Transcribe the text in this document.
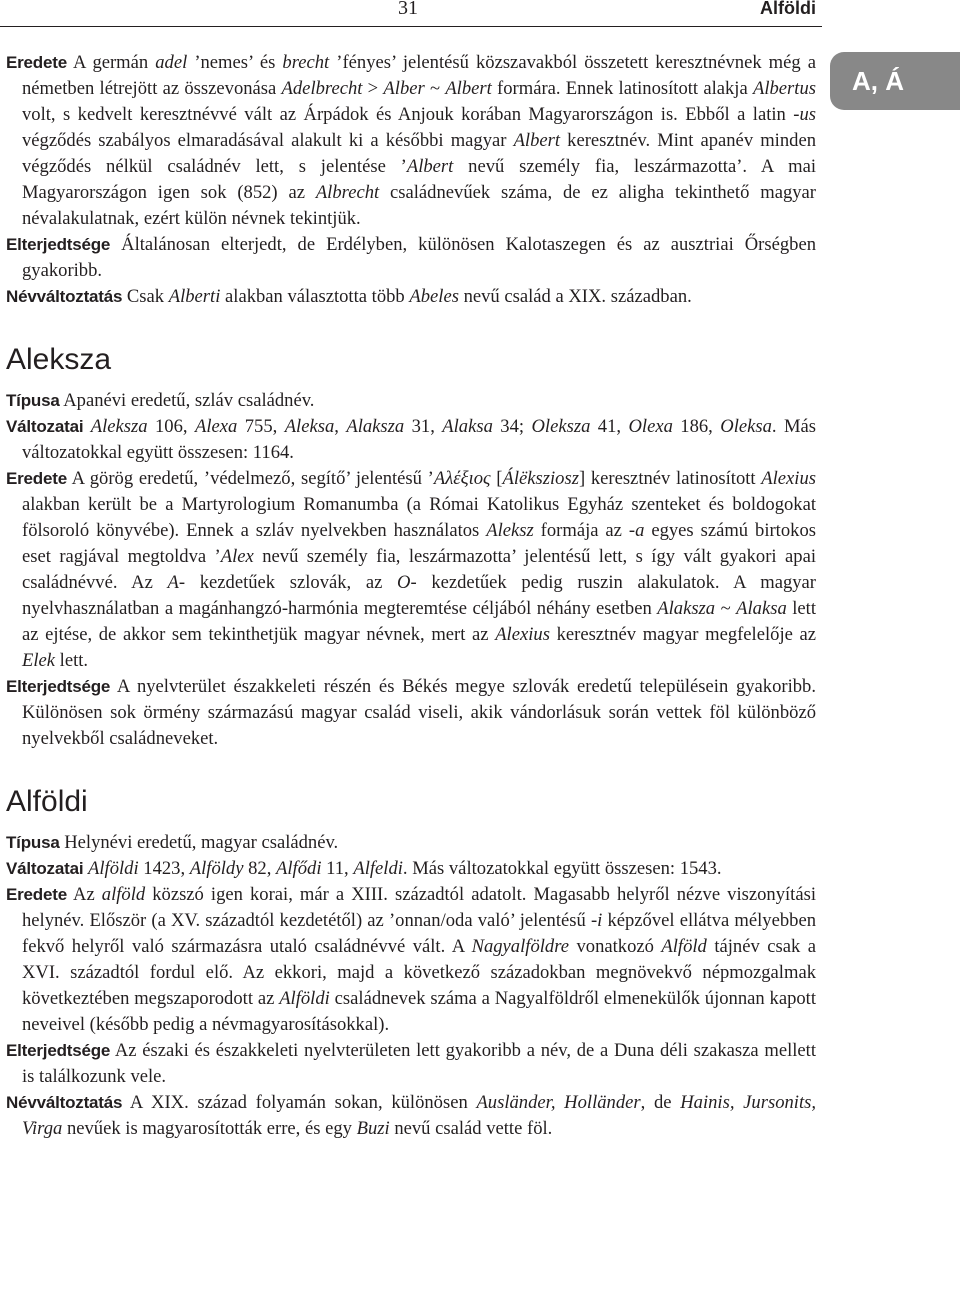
31	Alföldi
A, Á

Eredete A germán adel ’nemes’ és brecht ’fényes’ jelentésű közszavakból összetett keresztnévnek még a németben létrejött az összevonása Adelbrecht > Alber ~ Albert formára. Ennek latinosított alakja Albertus volt, s kedvelt keresztnévvé vált az Árpádok és Anjouk korában Magyarországon is. Ebből a latin -us végződés szabályos elmaradásával alakult ki a későbbi magyar Albert keresztnév. Mint apanév minden végződés nélkül családnév lett, s jelentése ’Albert nevű személy fia, leszármazotta’. A mai Magyarországon igen sok (852) az Albrecht családnevűek száma, de ez aligha tekinthető magyar névalakulatnak, ezért külön névnek tekintjük.

Elterjedtsége Általánosan elterjedt, de Erdélyben, különösen Kalotaszegen és az ausztriai Őrségben gyakoribb.

Névváltoztatás Csak Alberti alakban választotta több Abeles nevű család a XIX. században.

Aleksza

Típusa Apanévi eredetű, szláv családnév.

Változatai Aleksza 106, Alexa 755, Aleksa, Alaksza 31, Alaksa 34; Oleksza 41, Olexa 186, Oleksa. Más változatokkal együtt összesen: 1164.

Eredete A görög eredetű, ’védelmező, segítő’ jelentésű ’Αλέξιος [Álëksziosz] keresztnév latinosított Alexius alakban került be a Martyrologium Romanumba (a Római Katolikus Egyház szenteket és boldogokat fölsoroló könyvébe). Ennek a szláv nyelvekben használatos Aleksz formája az -a egyes számú birtokos eset ragjával megtoldva ’Alex nevű személy fia, leszármazotta’ jelentésű lett, s így vált gyakori apai családnévvé. Az A- kezdetűek szlovák, az O- kezdetűek pedig ruszin alakulatok. A magyar nyelvhasználatban a magánhangzó-harmónia megteremtése céljából néhány esetben Alaksza ~ Alaksa lett az ejtése, de akkor sem tekinthetjük magyar névnek, mert az Alexius keresztnév magyar megfelelője az Elek lett.

Elterjedtsége A nyelvterület északkeleti részén és Békés megye szlovák eredetű településein gyakoribb. Különösen sok örmény származású magyar család viseli, akik vándorlásuk során vettek föl különböző nyelvekből családneveket.

Alföldi

Típusa Helynévi eredetű, magyar családnév.

Változatai Alföldi 1423, Alföldy 82, Alfődi 11, Alfeldi. Más változatokkal együtt összesen: 1543.

Eredete Az alföld közszó igen korai, már a XIII. századtól adatolt. Magasabb helyről nézve viszonyítási helynév. Először (a XV. századtól kezdetétől) az ’onnan/oda való’ jelentésű -i képzővel ellátva mélyebben fekvő helyről való származásra utaló családnévvé vált. A Nagyalföldre vonatkozó Alföld tájnév csak a XVI. századtól fordul elő. Az ekkori, majd a következő századokban megnövekvő népmozgalmak következtében megszaporodott az Alföldi családnevek száma a Nagyalföldről elmenekülők újonnan kapott neveivel (később pedig a névmagyarosításokkal).

Elterjedtsége Az északi és északkeleti nyelvterületen lett gyakoribb a név, de a Duna déli szakasza mellett is találkozunk vele.

Névváltoztatás A XIX. század folyamán sokan, különösen Ausländer, Holländer, de Hainis, Jursonits, Virga nevűek is magyarosították erre, és egy Buzi nevű család vette föl.
